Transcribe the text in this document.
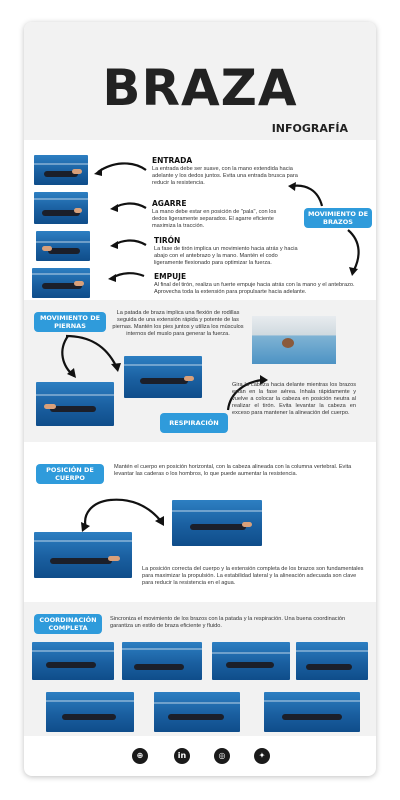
BRAZA
INFOGRAFÍA
ENTRADA
La entrada debe ser suave, con la mano extendida hacia adelante y los dedos juntos. Evita una entrada brusca para reducir la resistencia.
AGARRE
La mano debe estar en posición de "pala", con los dedos ligeramente separados. El agarre eficiente maximiza la tracción.
TIRÓN
La fase de tirón implica un movimiento hacia atrás y hacia abajo con el antebrazo y la mano. Mantén el codo ligeramente flexionado para optimizar la fuerza.
EMPUJE
Al final del tirón, realiza un fuerte empuje hacia atrás con la mano y el antebrazo. Aprovecha toda la extensión para propulsarte hacia adelante.
MOVIMIENTO DE BRAZOS
MOVIMIENTO DE PIERNAS
La patada de braza implica una flexión de rodillas seguida de una extensión rápida y potente de las piernas. Mantén los pies juntos y utiliza los músculos internos del muslo para generar la fuerza.
Gira la cabeza hacia delante mientras los brazos están en la fase aérea. Inhala rápidamente y vuelve a colocar la cabeza en posición neutra al realizar el tirón. Evita levantar la cabeza en exceso para mantener la alineación del cuerpo.
RESPIRACIÓN
POSICIÓN DE CUERPO
Mantén el cuerpo en posición horizontal, con la cabeza alineada con la columna vertebral. Evita levantar las caderas o los hombros, lo que puede aumentar la resistencia.
La posición correcta del cuerpo y la extensión completa de los brazos son fundamentales para maximizar la propulsión. La estabilidad lateral y la alineación adecuada son clave para reducir la resistencia en el agua.
COORDINACIÓN COMPLETA
Sincroniza el movimiento de los brazos con la patada y la respiración. Una buena coordinación garantiza un estilo de braza eficiente y fluido.
⊕	in	◎	✦
